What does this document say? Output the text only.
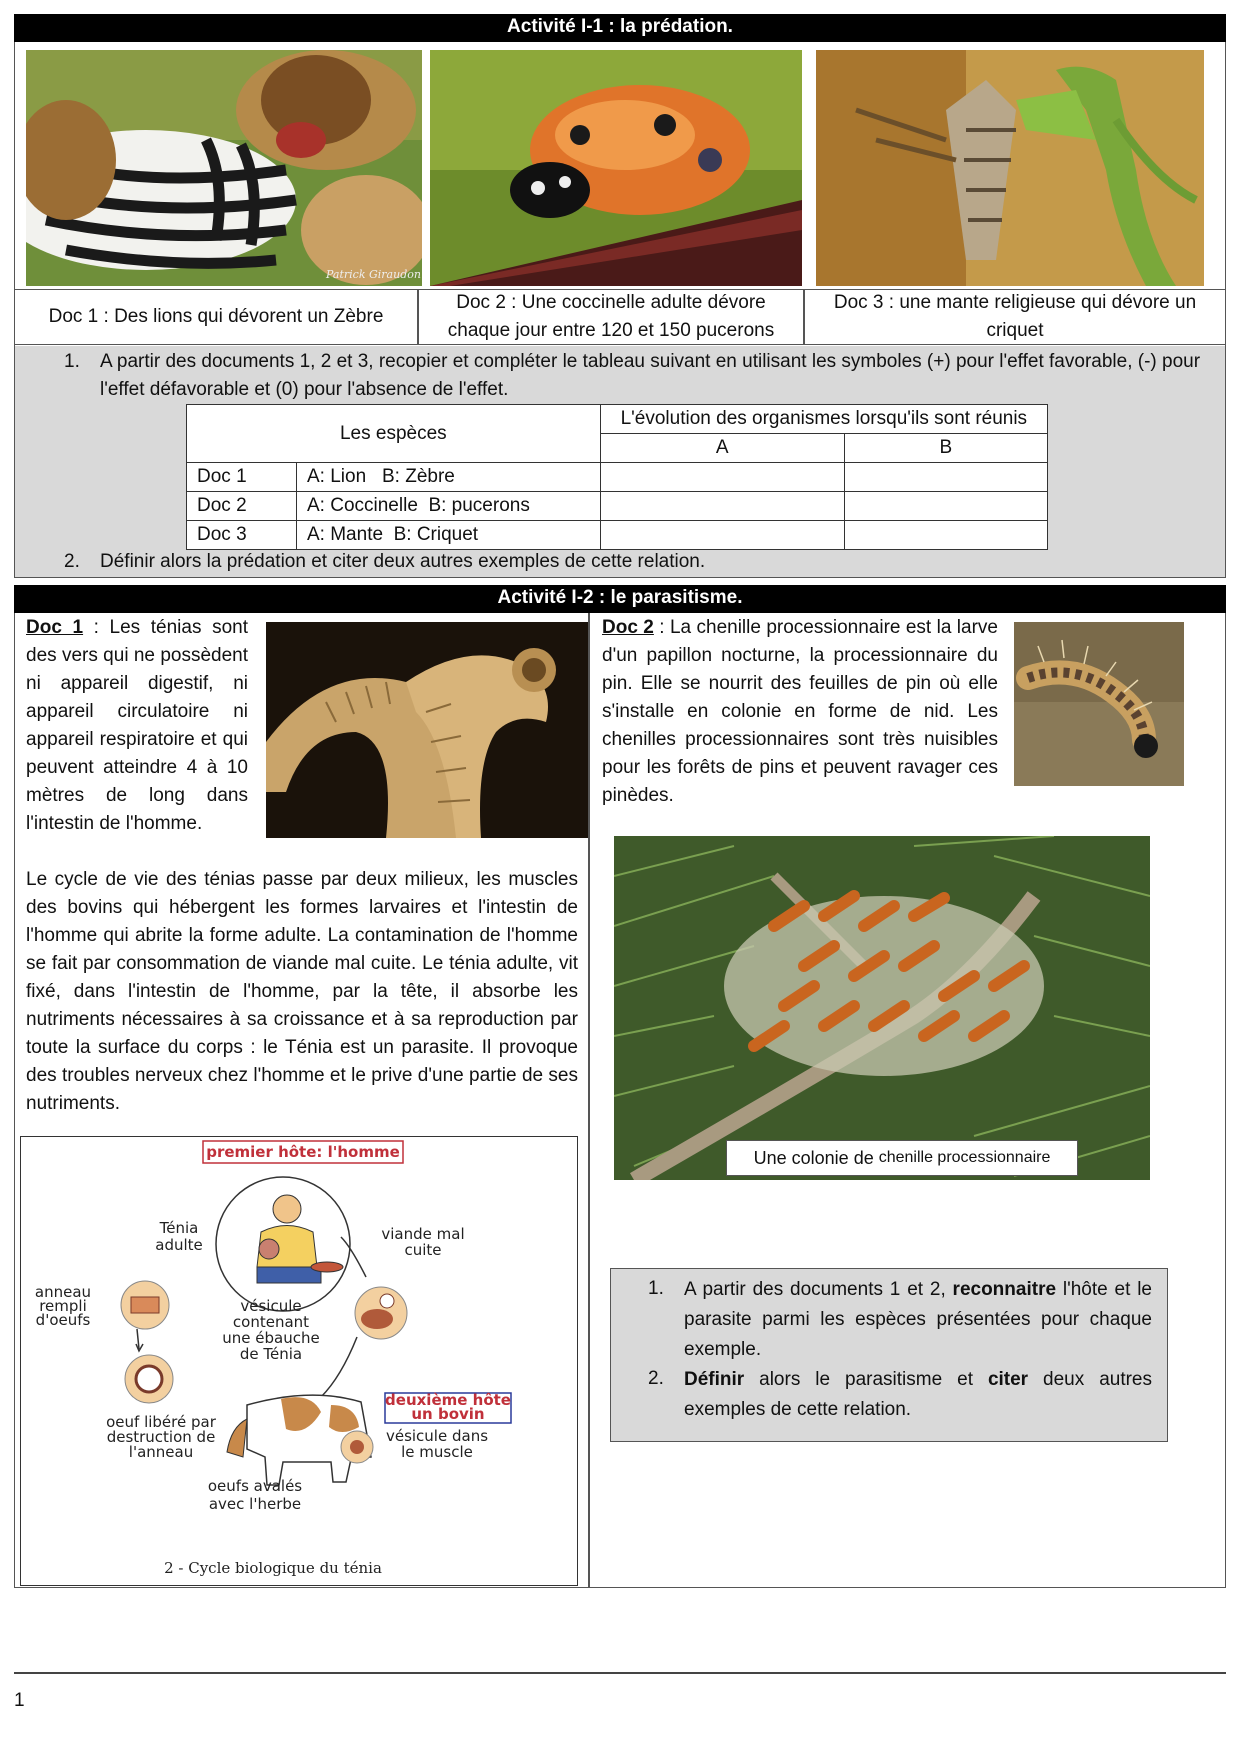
Activité I-1 : la prédation.
Patrick Giraudon
Doc 1 : Des lions qui dévorent un Zèbre
Doc 2 : Une coccinelle adulte dévore chaque jour entre 120 et 150 pucerons
Doc 3 : une mante religieuse qui dévore un criquet
1. A partir des documents 1, 2 et 3, recopier et compléter le tableau suivant en utilisant les symboles (+) pour l'effet favorable, (-) pour l'effet défavorable et (0) pour l'absence de l'effet.
Les espèces		L'évolution des organismes lorsqu'ils sont réunis	
		A	B
Doc 1	A: Lion   B: Zèbre		
Doc 2	A: Coccinelle  B: pucerons		
Doc 3	A: Mante  B: Criquet		
2. Définir alors la prédation et citer deux autres exemples de cette relation.
Activité I-2 : le parasitisme.
Doc 1 : Les ténias sont des vers qui ne possèdent ni appareil digestif, ni appareil circulatoire ni appareil respiratoire et qui peuvent atteindre 4 à 10 mètres de long dans l'intestin de l'homme.
Le cycle de vie des ténias passe par deux milieux, les muscles des bovins qui hébergent les formes larvaires et l'intestin de l'homme qui abrite la forme adulte. La contamination de l'homme se fait par consommation de viande mal cuite. Le ténia adulte, vit fixé, dans l'intestin de l'homme, par la tête, il absorbe les nutriments nécessaires à sa croissance et à sa reproduction par toute la surface du corps : le Ténia est un parasite. Il provoque des troubles nerveux chez l'homme et le prive d'une partie de ses nutriments.
premier hôte: l'homme
Ténia
adulte
viande mal
cuite
anneau
rempli
d'oeufs
vésicule
contenant
une ébauche
de Ténia
deuxième hôte
un bovin
vésicule dans
le muscle
oeuf libéré par
destruction de
l'anneau
oeufs avalés
avec l'herbe
2 - Cycle biologique du ténia
Doc 2 : La chenille processionnaire est la larve d'un papillon nocturne, la processionnaire du pin. Elle se nourrit des feuilles de pin où elle s'installe en colonie en forme de nid. Les chenilles processionnaires sont très nuisibles pour les forêts de pins et peuvent ravager ces pinèdes.
Une colonie de chenille processionnaire
1. A partir des documents 1 et 2, reconnaitre l'hôte et le parasite parmi les espèces présentées pour chaque exemple.
2. Définir alors le parasitisme et citer deux autres exemples de cette relation.
1
